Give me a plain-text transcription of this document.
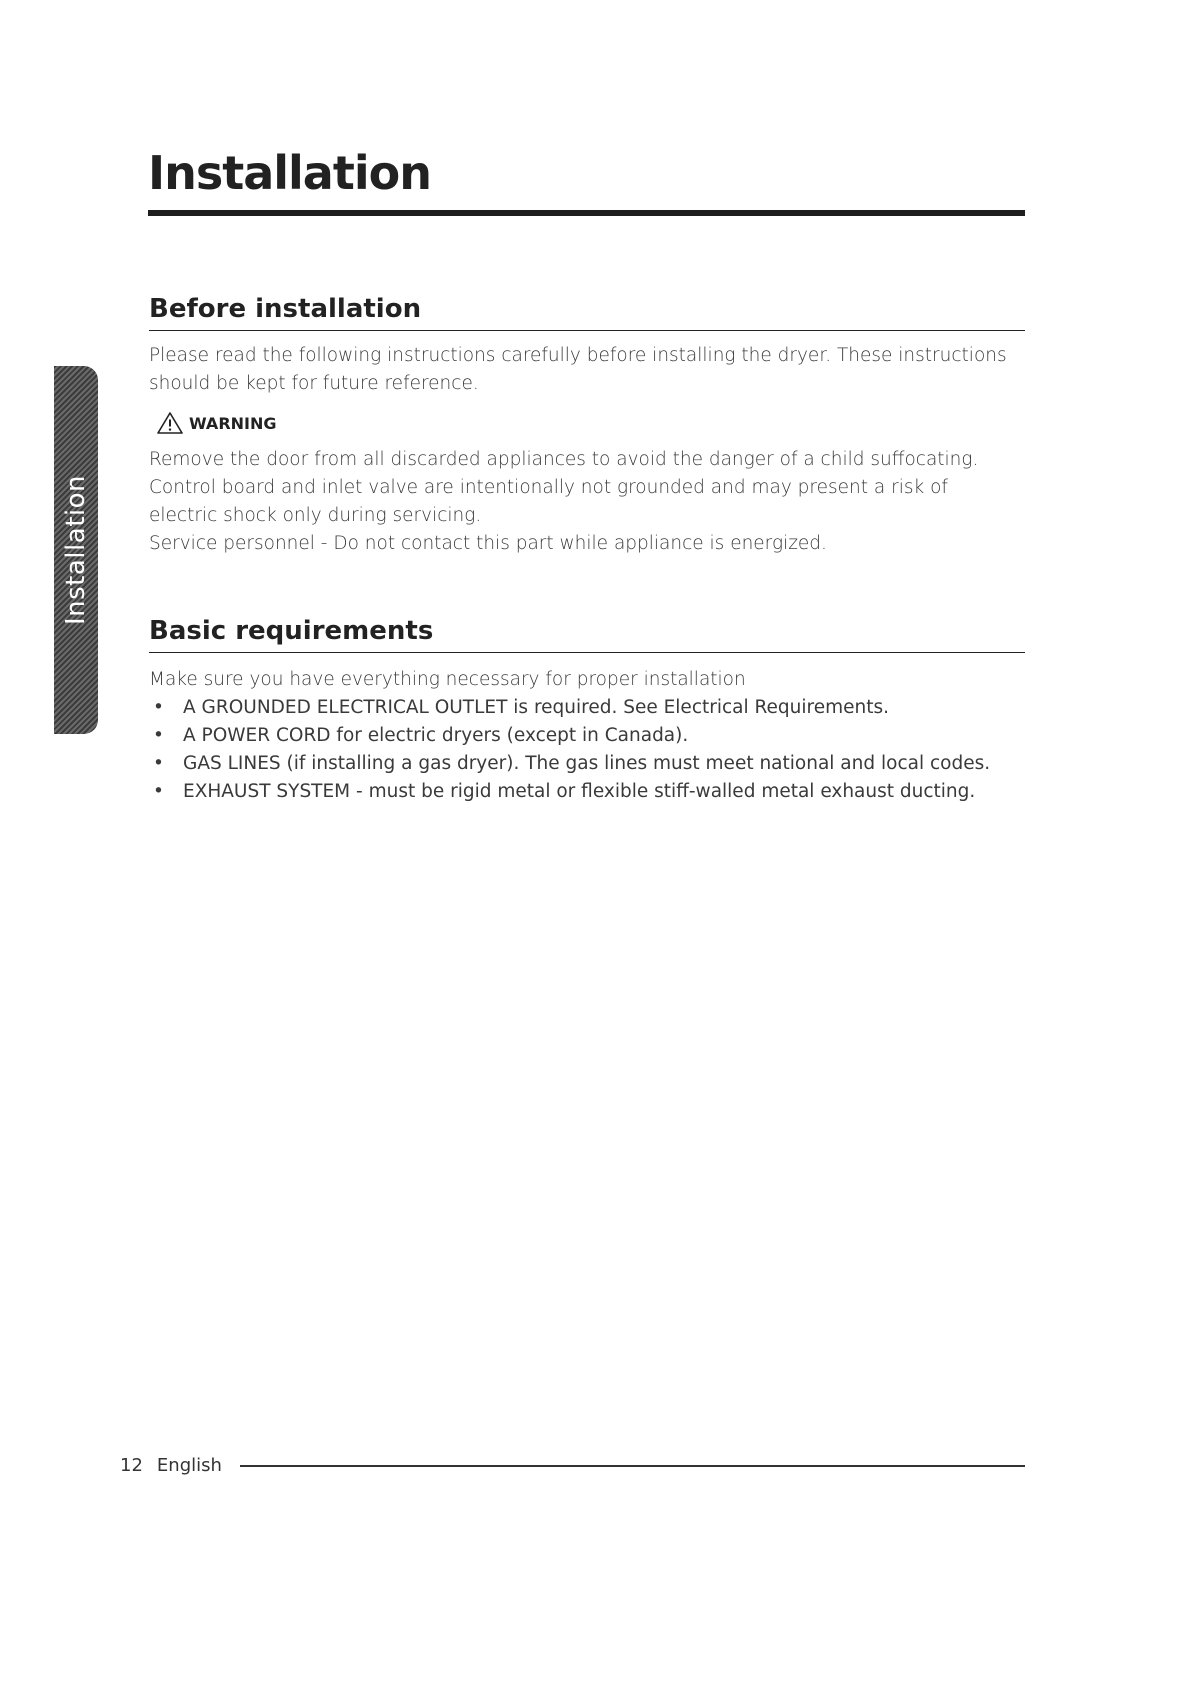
Installation
Installation
Before installation
Please read the following instructions carefully before installing the dryer. These instructions
should be kept for future reference.
WARNING

Remove the door from all discarded appliances to avoid the danger of a child suffocating.

Control board and inlet valve are intentionally not grounded and may present a risk of

electric shock only during servicing.

Service personnel - Do not contact this part while appliance is energized.

Basic requirements
Make sure you have everything necessary for proper installation
• A GROUNDED ELECTRICAL OUTLET is required. See Electrical Requirements.
• A POWER CORD for electric dryers (except in Canada).
• GAS LINES (if installing a gas dryer). The gas lines must meet national and local codes.
• EXHAUST SYSTEM - must be rigid metal or flexible stiff-walled metal exhaust ducting.
12 English
